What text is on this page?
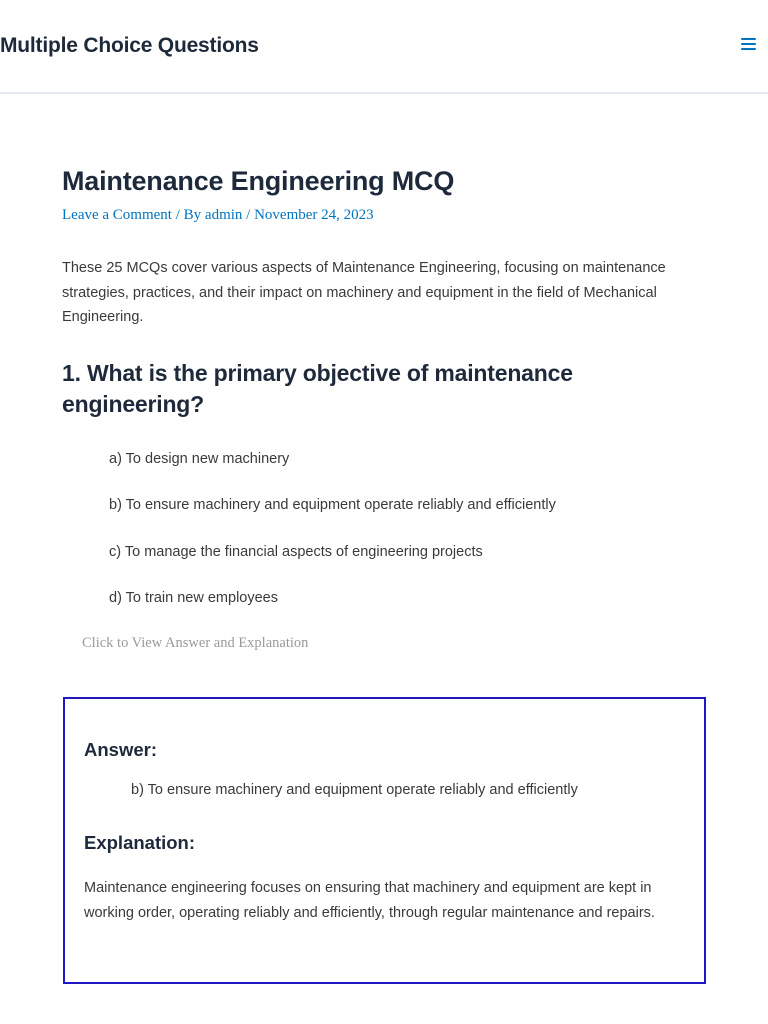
Multiple Choice Questions
Maintenance Engineering MCQ
Leave a Comment / By admin / November 24, 2023

These 25 MCQs cover various aspects of Maintenance Engineering, focusing on maintenance strategies, practices, and their impact on machinery and equipment in the field of Mechanical Engineering.

1. What is the primary objective of maintenance engineering?
a) To design new machinery
b) To ensure machinery and equipment operate reliably and efficiently
c) To manage the financial aspects of engineering projects
d) To train new employees
Click to View Answer and Explanation
Answer:
b) To ensure machinery and equipment operate reliably and efficiently
Explanation:
Maintenance engineering focuses on ensuring that machinery and equipment are kept in working order, operating reliably and efficiently, through regular maintenance and repairs.
